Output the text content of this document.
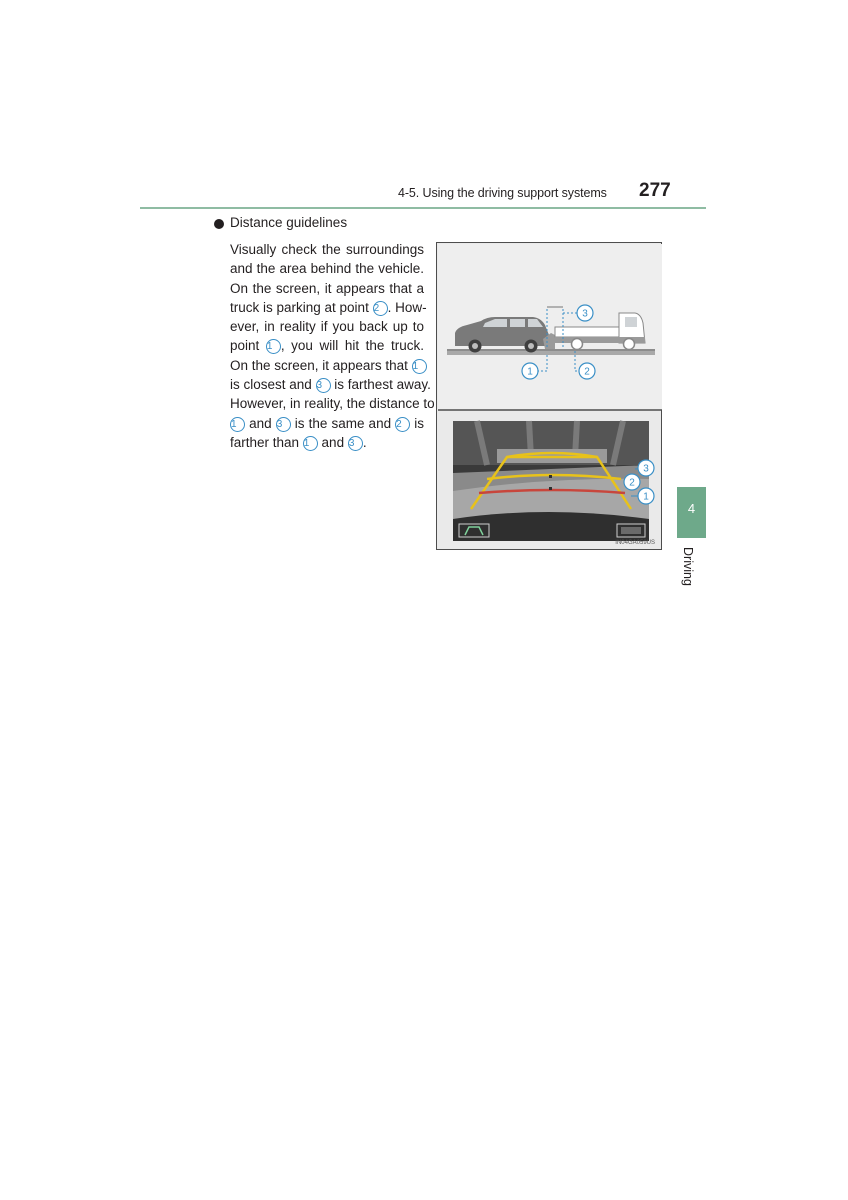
4-5. Using the driving support systems 277
Distance guidelines
Visually check the surroundings
and the area behind the vehicle.
On the screen, it appears that a
truck is parking at point 2 . How-
ever, in reality if you back up to
point 1 , you will hit the truck.
On the screen, it appears that 1
is closest and 3 is farthest away.
However, in reality, the distance to
1 and 3 is the same and 2 is
farther than 1 and 3 .
1	2
3
3
2
1
IN04GA059US
4
Driving
